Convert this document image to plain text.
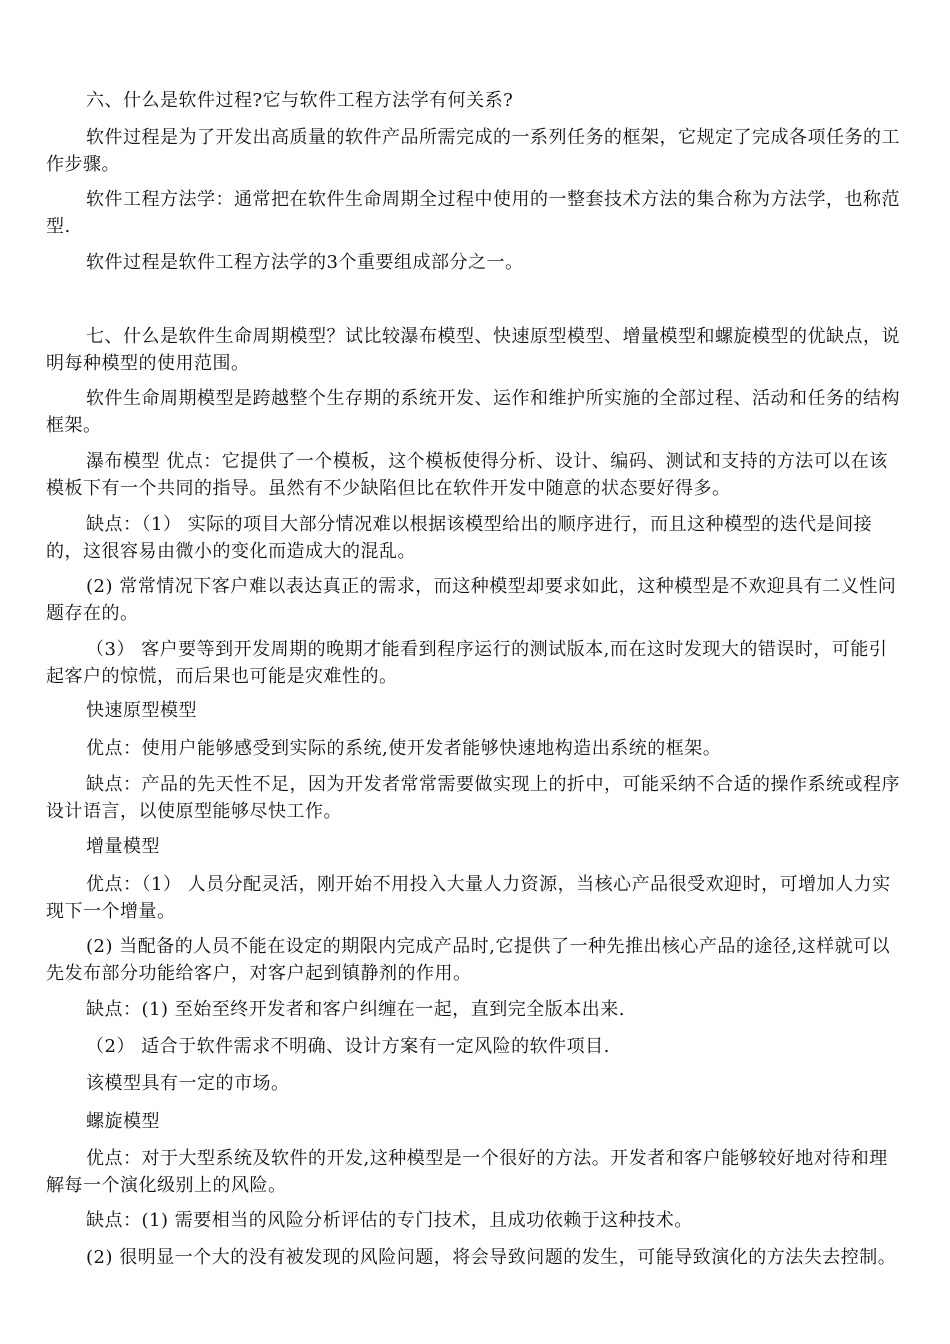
六、什么是软件过程?它与软件工程方法学有何关系?

软件过程是为了开发出高质量的软件产品所需完成的一系列任务的框架，它规定了完成各项任务的工作步骤。

软件工程方法学：通常把在软件生命周期全过程中使用的一整套技术方法的集合称为方法学，也称范型.

软件过程是软件工程方法学的3个重要组成部分之一。

七、什么是软件生命周期模型？试比较瀑布模型、快速原型模型、增量模型和螺旋模型的优缺点，说明每种模型的使用范围。

软件生命周期模型是跨越整个生存期的系统开发、运作和维护所实施的全部过程、活动和任务的结构框架。

瀑布模型 优点：它提供了一个模板，这个模板使得分析、设计、编码、测试和支持的方法可以在该模板下有一个共同的指导。虽然有不少缺陷但比在软件开发中随意的状态要好得多。

缺点：（1） 实际的项目大部分情况难以根据该模型给出的顺序进行，而且这种模型的迭代是间接的，这很容易由微小的变化而造成大的混乱。

(2) 常常情况下客户难以表达真正的需求，而这种模型却要求如此，这种模型是不欢迎具有二义性问题存在的。

（3） 客户要等到开发周期的晚期才能看到程序运行的测试版本,而在这时发现大的错误时，可能引起客户的惊慌，而后果也可能是灾难性的。

快速原型模型

优点：使用户能够感受到实际的系统,使开发者能够快速地构造出系统的框架。

缺点：产品的先天性不足，因为开发者常常需要做实现上的折中，可能采纳不合适的操作系统或程序设计语言，以使原型能够尽快工作。

增量模型

优点：（1） 人员分配灵活，刚开始不用投入大量人力资源，当核心产品很受欢迎时，可增加人力实现下一个增量。

(2) 当配备的人员不能在设定的期限内完成产品时,它提供了一种先推出核心产品的途径,这样就可以先发布部分功能给客户，对客户起到镇静剂的作用。

缺点：(1) 至始至终开发者和客户纠缠在一起，直到完全版本出来.

（2） 适合于软件需求不明确、设计方案有一定风险的软件项目.

该模型具有一定的市场。

螺旋模型

优点：对于大型系统及软件的开发,这种模型是一个很好的方法。开发者和客户能够较好地对待和理解每一个演化级别上的风险。

缺点：(1) 需要相当的风险分析评估的专门技术，且成功依赖于这种技术。

(2) 很明显一个大的没有被发现的风险问题，将会导致问题的发生，可能导致演化的方法失去控制。
